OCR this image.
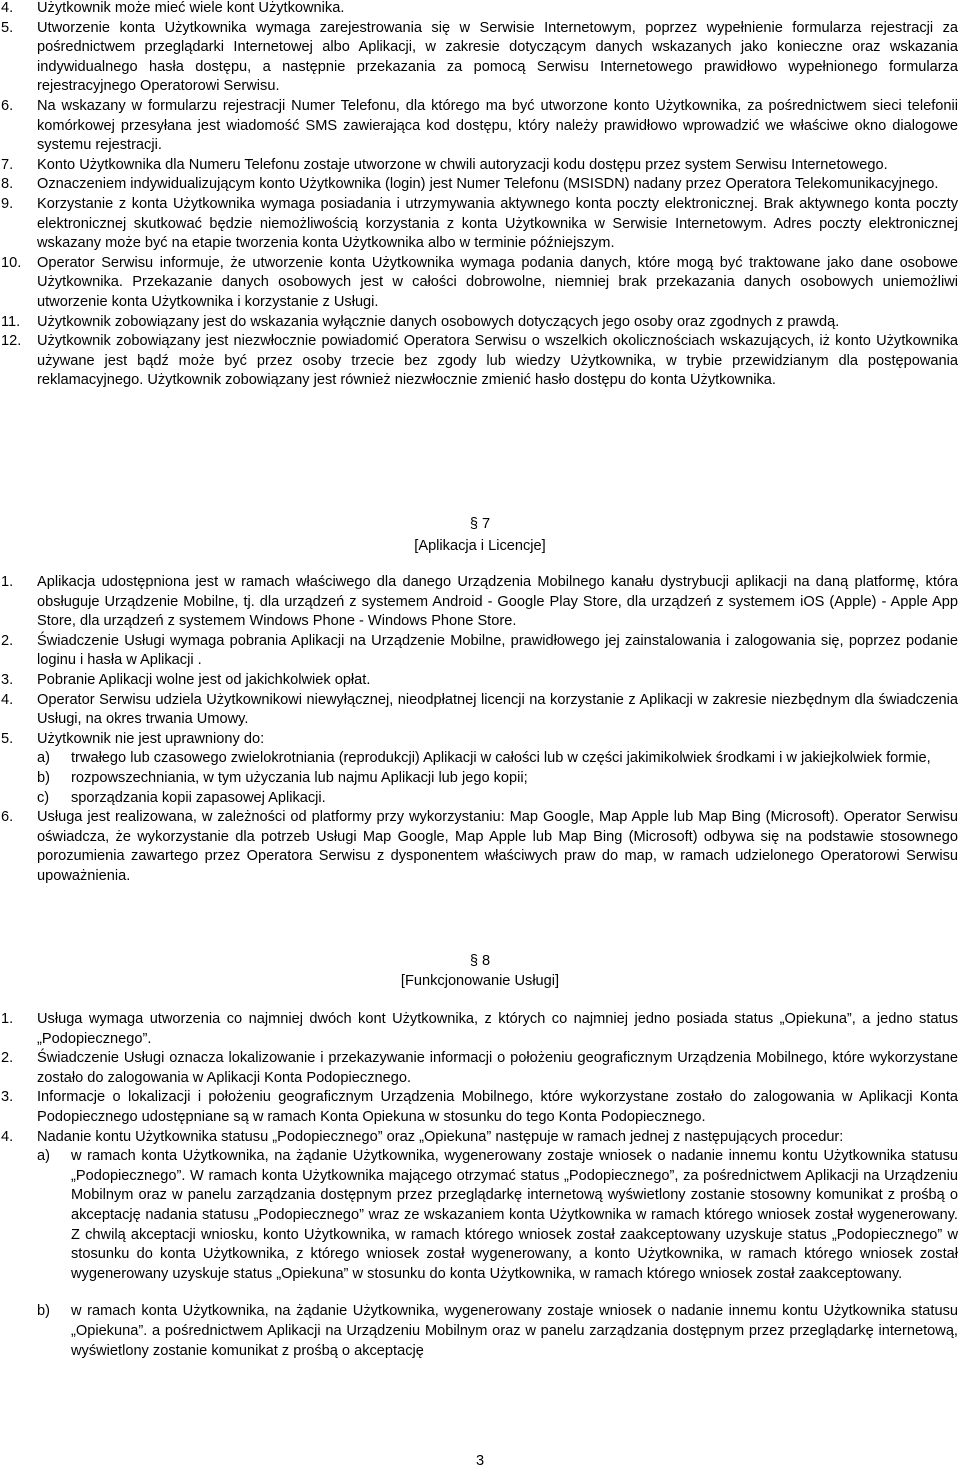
4.	Użytkownik może mieć wiele kont Użytkownika.
5.	Utworzenie konta Użytkownika wymaga zarejestrowania się w Serwisie Internetowym, poprzez wypełnienie formularza rejestracji za pośrednictwem przeglądarki Internetowej albo Aplikacji, w zakresie dotyczącym danych wskazanych jako konieczne oraz wskazania indywidualnego hasła dostępu, a następnie przekazania za pomocą Serwisu Internetowego prawidłowo wypełnionego formularza rejestracyjnego Operatorowi Serwisu.
6.	Na wskazany w formularzu rejestracji Numer Telefonu, dla którego ma być utworzone konto Użytkownika, za pośrednictwem sieci telefonii komórkowej przesyłana jest wiadomość SMS zawierająca kod dostępu, który należy prawidłowo wprowadzić we właściwe okno dialogowe systemu rejestracji.
7.	Konto Użytkownika dla Numeru Telefonu zostaje utworzone w chwili autoryzacji kodu dostępu przez system Serwisu Internetowego.
8.	Oznaczeniem indywidualizującym konto Użytkownika (login) jest Numer Telefonu (MSISDN) nadany przez Operatora Telekomunikacyjnego.
9.	Korzystanie z konta Użytkownika wymaga posiadania i utrzymywania aktywnego konta poczty elektronicznej. Brak aktywnego konta poczty elektronicznej skutkować będzie niemożliwością korzystania z konta Użytkownika w Serwisie Internetowym. Adres poczty elektronicznej wskazany może być na etapie tworzenia konta Użytkownika albo w terminie późniejszym.
10.	Operator Serwisu informuje, że utworzenie konta Użytkownika wymaga podania danych, które mogą być traktowane jako dane osobowe Użytkownika. Przekazanie danych osobowych jest w całości dobrowolne, niemniej brak przekazania danych osobowych uniemożliwi utworzenie konta Użytkownika i korzystanie z Usługi.
11.	Użytkownik zobowiązany jest do wskazania wyłącznie danych osobowych dotyczących jego osoby oraz zgodnych z prawdą.
12.	Użytkownik zobowiązany jest niezwłocznie powiadomić Operatora Serwisu o wszelkich okolicznościach wskazujących, iż konto Użytkownika używane jest bądź może być przez osoby trzecie bez zgody lub wiedzy Użytkownika, w trybie przewidzianym dla postępowania reklamacyjnego. Użytkownik zobowiązany jest również niezwłocznie zmienić hasło dostępu do konta Użytkownika.
§ 7
[Aplikacja i Licencje]
1.	Aplikacja udostępniona jest w ramach właściwego dla danego Urządzenia Mobilnego kanału dystrybucji aplikacji na daną platformę, która obsługuje Urządzenie Mobilne, tj. dla urządzeń z systemem Android - Google Play Store, dla urządzeń z systemem iOS (Apple) - Apple App Store, dla urządzeń z systemem Windows Phone - Windows Phone Store.
2.	Świadczenie Usługi wymaga pobrania Aplikacji na Urządzenie Mobilne, prawidłowego jej zainstalowania i zalogowania się, poprzez podanie loginu i hasła w Aplikacji .
3.	Pobranie Aplikacji wolne jest od jakichkolwiek opłat.
4.	Operator Serwisu udziela Użytkownikowi niewyłącznej, nieodpłatnej licencji na korzystanie z Aplikacji w zakresie niezbędnym dla świadczenia Usługi, na okres trwania Umowy.
5.	Użytkownik nie jest uprawniony do:
a)	trwałego lub czasowego zwielokrotniania (reprodukcji) Aplikacji w całości lub w części jakimikolwiek środkami i w jakiejkolwiek formie,
b)	rozpowszechniania, w tym użyczania lub najmu Aplikacji lub jego kopii;
c)	sporządzania kopii zapasowej Aplikacji.
6.	Usługa jest realizowana, w zależności od platformy przy wykorzystaniu: Map Google, Map Apple lub Map Bing (Microsoft). Operator Serwisu oświadcza, że wykorzystanie dla potrzeb Usługi Map Google, Map Apple lub Map Bing (Microsoft) odbywa się na podstawie stosownego porozumienia zawartego przez Operatora Serwisu z dysponentem właściwych praw do map, w ramach udzielonego Operatorowi Serwisu upoważnienia.
§ 8
[Funkcjonowanie Usługi]
1.	Usługa wymaga utworzenia co najmniej dwóch kont Użytkownika, z których co najmniej jedno posiada status „Opiekuna”, a jedno status „Podopiecznego”.
2.	Świadczenie Usługi oznacza lokalizowanie i przekazywanie informacji o położeniu geograficznym Urządzenia Mobilnego, które wykorzystane zostało do zalogowania w Aplikacji Konta Podopiecznego.
3.	Informacje o lokalizacji i położeniu geograficznym Urządzenia Mobilnego, które wykorzystane zostało do zalogowania w Aplikacji Konta Podopiecznego udostępniane są w ramach Konta Opiekuna w stosunku do tego Konta Podopiecznego.
4.	Nadanie kontu Użytkownika statusu „Podopiecznego” oraz „Opiekuna” następuje w ramach jednej z następujących procedur:
a)	w ramach konta Użytkownika, na żądanie Użytkownika, wygenerowany zostaje wniosek o nadanie innemu kontu Użytkownika statusu „Podopiecznego”. W ramach konta Użytkownika mającego otrzymać status „Podopiecznego”, za pośrednictwem Aplikacji na Urządzeniu Mobilnym oraz w panelu zarządzania dostępnym przez przeglądarkę internetową wyświetlony zostanie stosowny komunikat z prośbą o akceptację nadania statusu „Podopiecznego” wraz ze wskazaniem konta Użytkownika w ramach którego wniosek został wygenerowany. Z chwilą akceptacji wniosku, konto Użytkownika, w ramach którego wniosek został zaakceptowany uzyskuje status „Podopiecznego” w stosunku do konta Użytkownika, z którego wniosek został wygenerowany, a konto Użytkownika, w ramach którego wniosek został wygenerowany uzyskuje status „Opiekuna” w stosunku do konta Użytkownika, w ramach którego wniosek został zaakceptowany.
b)	w ramach konta Użytkownika, na żądanie Użytkownika, wygenerowany zostaje wniosek o nadanie innemu kontu Użytkownika statusu „Opiekuna”. a pośrednictwem Aplikacji na Urządzeniu Mobilnym oraz w panelu zarządzania dostępnym przez przeglądarkę internetową, wyświetlony zostanie komunikat z prośbą o akceptację
3
